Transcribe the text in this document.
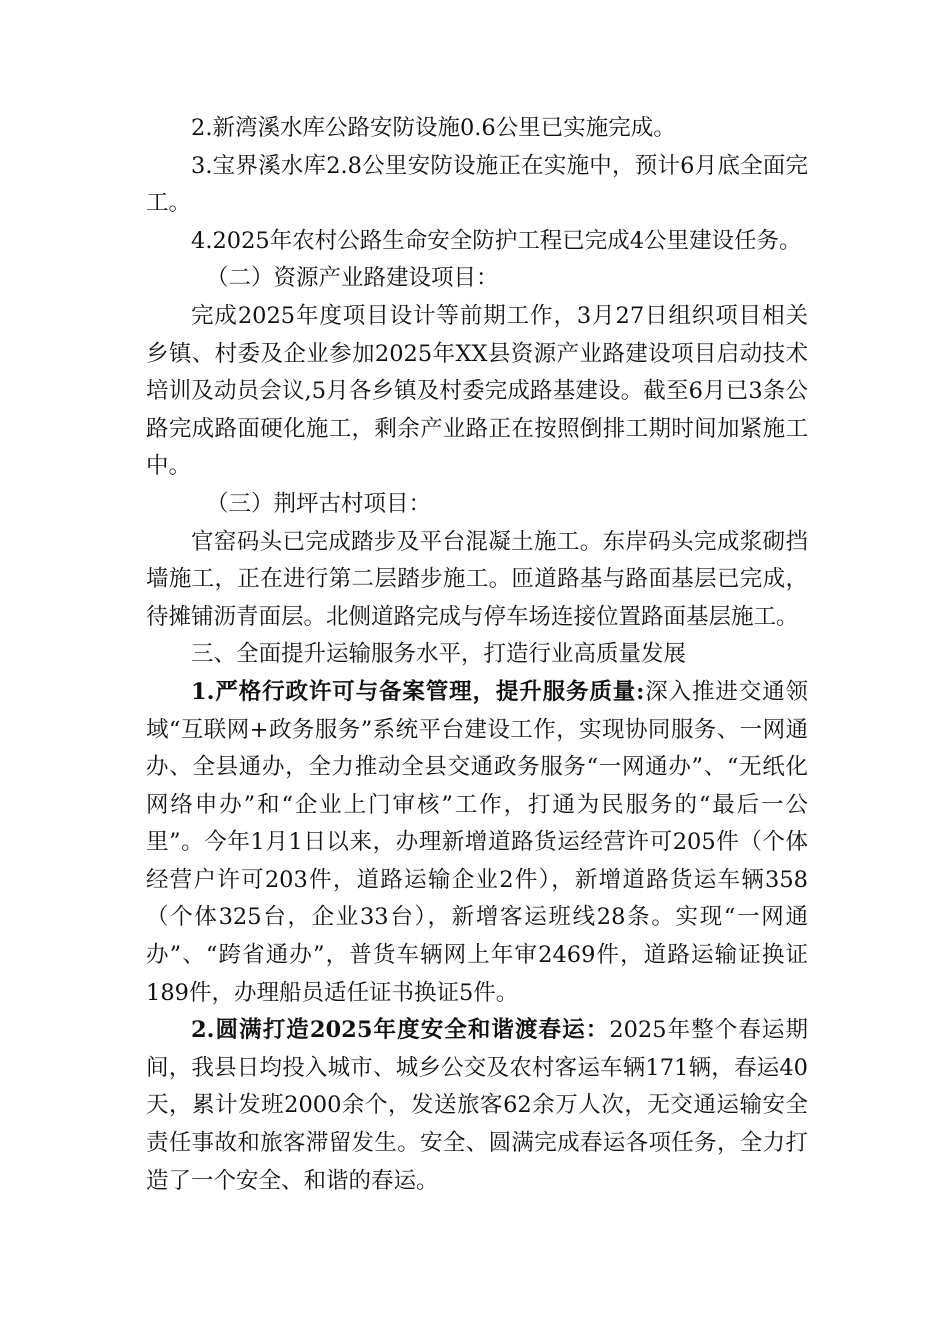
2.新湾溪水库公路安防设施0.6公里已实施完成。

3.宝界溪水库2.8公里安防设施正在实施中，预计6月底全面完工。

4.2025年农村公路生命安全防护工程已完成4公里建设任务。

（二）资源产业路建设项目：

完成2025年度项目设计等前期工作，3月27日组织项目相关乡镇、村委及企业参加2025年XX县资源产业路建设项目启动技术培训及动员会议,5月各乡镇及村委完成路基建设。截至6月已3条公路完成路面硬化施工，剩余产业路正在按照倒排工期时间加紧施工中。

（三）荆坪古村项目：

官窑码头已完成踏步及平台混凝土施工。东岸码头完成浆砌挡墙施工，正在进行第二层踏步施工。匝道路基与路面基层已完成，待摊铺沥青面层。北侧道路完成与停车场连接位置路面基层施工。

三、全面提升运输服务水平，打造行业高质量发展

1.严格行政许可与备案管理，提升服务质量:深入推进交通领域“互联网+政务服务”系统平台建设工作，实现协同服务、一网通办、全县通办，全力推动全县交通政务服务“一网通办”、“无纸化网络申办”和“企业上门审核”工作，打通为民服务的“最后一公里”。今年1月1日以来，办理新增道路货运经营许可205件（个体经营户许可203件，道路运输企业2件），新增道路货运车辆358（个体325台，企业33台），新增客运班线28条。实现“一网通办”、“跨省通办”，普货车辆网上年审2469件，道路运输证换证189件，办理船员适任证书换证5件。

2.圆满打造2025年度安全和谐渡春运：2025年整个春运期间，我县日均投入城市、城乡公交及农村客运车辆171辆，春运40天，累计发班2000余个，发送旅客62余万人次，无交通运输安全责任事故和旅客滞留发生。安全、圆满完成春运各项任务，全力打造了一个安全、和谐的春运。
